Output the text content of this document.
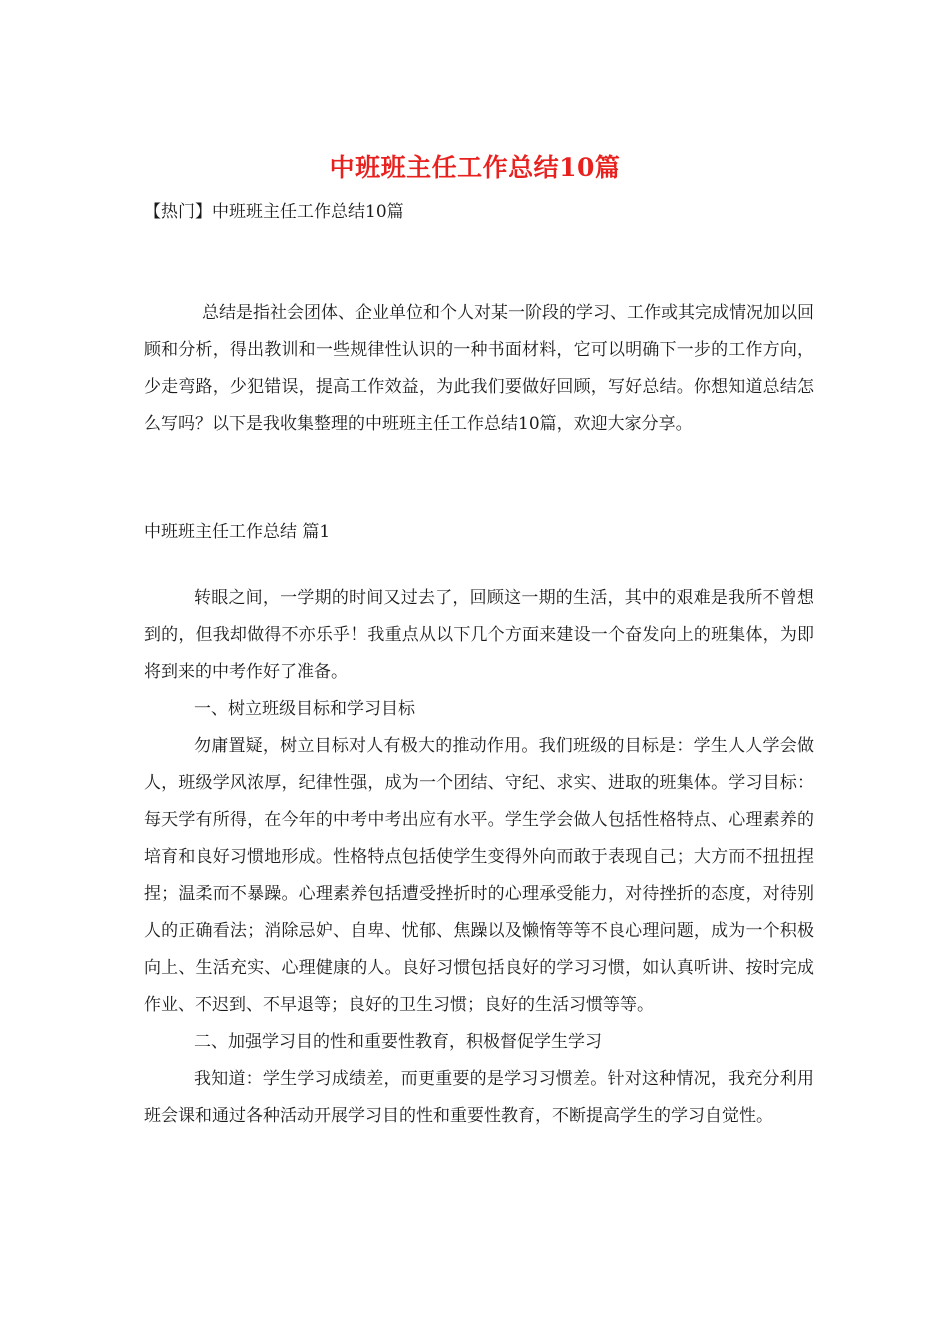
中班班主任工作总结10篇
【热门】中班班主任工作总结10篇

总结是指社会团体、企业单位和个人对某一阶段的学习、工作或其完成情况加以回顾和分析，得出教训和一些规律性认识的一种书面材料，它可以明确下一步的工作方向，少走弯路，少犯错误，提高工作效益，为此我们要做好回顾，写好总结。你想知道总结怎么写吗？以下是我收集整理的中班班主任工作总结10篇，欢迎大家分享。

中班班主任工作总结 篇1

转眼之间，一学期的时间又过去了，回顾这一期的生活，其中的艰难是我所不曾想到的，但我却做得不亦乐乎！我重点从以下几个方面来建设一个奋发向上的班集体，为即将到来的中考作好了准备。

一、树立班级目标和学习目标

勿庸置疑，树立目标对人有极大的推动作用。我们班级的目标是：学生人人学会做人，班级学风浓厚，纪律性强，成为一个团结、守纪、求实、进取的班集体。学习目标：每天学有所得，在今年的中考中考出应有水平。学生学会做人包括性格特点、心理素养的培育和良好习惯地形成。性格特点包括使学生变得外向而敢于表现自己；大方而不扭扭捏捏；温柔而不暴躁。心理素养包括遭受挫折时的心理承受能力，对待挫折的态度，对待别人的正确看法；消除忌妒、自卑、忧郁、焦躁以及懒惰等等不良心理问题，成为一个积极向上、生活充实、心理健康的人。良好习惯包括良好的学习习惯，如认真听讲、按时完成作业、不迟到、不早退等；良好的卫生习惯；良好的生活习惯等等。

二、加强学习目的性和重要性教育，积极督促学生学习

我知道：学生学习成绩差，而更重要的是学习习惯差。针对这种情况，我充分利用班会课和通过各种活动开展学习目的性和重要性教育，不断提高学生的学习自觉性。
